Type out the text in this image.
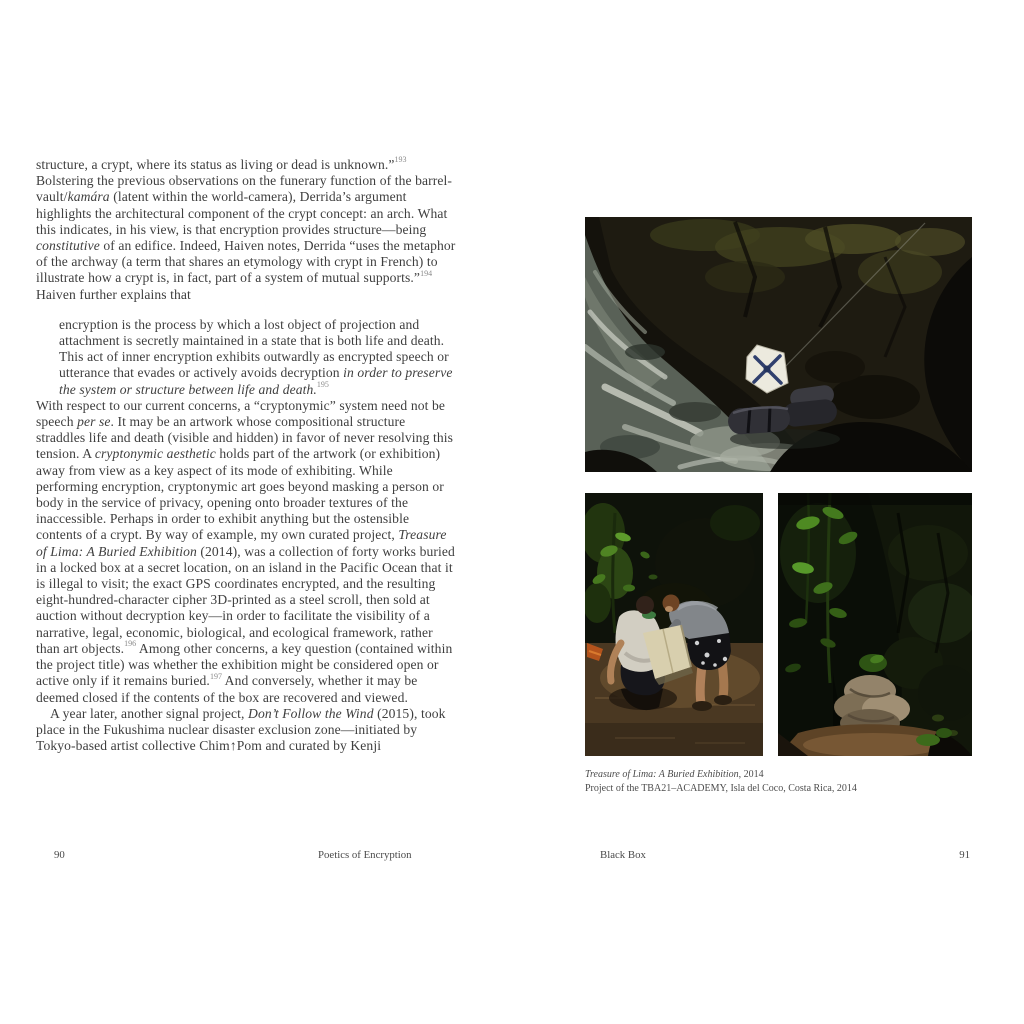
structure, a crypt, where its status as living or dead is unknown.”$^{193}$ Bolstering the previous observations on the funerary function of the barrel-vault/kamára (latent within the world-camera), Derrida’s argument highlights the architectural component of the crypt concept: an arch. What this indicates, in his view, is that encryption provides structure—being constitutive of an edifice. Indeed, Haiven notes, Derrida “uses the metaphor of the archway (a term that shares an etymology with crypt in French) to illustrate how a crypt is, in fact, part of a system of mutual supports.”$^{194}$ Haiven further explains that

encryption is the process by which a lost object of projection and attachment is secretly maintained in a state that is both life and death. This act of inner encryption exhibits outwardly as encrypted speech or utterance that evades or actively avoids decryption in order to preserve the system or structure between life and death.$^{195}$

With respect to our current concerns, a “cryptonymic” system need not be speech per se. It may be an artwork whose compositional structure straddles life and death (visible and hidden) in favor of never resolving this tension. A cryptonymic aesthetic holds part of the artwork (or exhibition) away from view as a key aspect of its mode of exhibiting. While performing encryption, cryptonymic art goes beyond masking a person or body in the service of privacy, opening onto broader textures of the inaccessible. Perhaps in order to exhibit anything but the ostensible contents of a crypt. By way of example, my own curated project, Treasure of Lima: A Buried Exhibition (2014), was a collection of forty works buried in a locked box at a secret location, on an island in the Pacific Ocean that it is illegal to visit; the exact GPS coordinates encrypted, and the resulting eight-hundred-character cipher 3D-printed as a steel scroll, then sold at auction without decryption key—in order to facilitate the visibility of a narrative, legal, economic, biological, and ecological framework, rather than art objects.$^{196}$ Among other concerns, a key question (contained within the project title) was whether the exhibition might be considered open or active only if it remains buried.$^{197}$ And conversely, whether it may be deemed closed if the contents of the box are recovered and viewed.

A year later, another signal project, Don’t Follow the Wind (2015), took place in the Fukushima nuclear disaster exclusion zone—initiated by Tokyo-based artist collective Chim↑Pom and curated by Kenji

90	Poetics of Encryption
Treasure of Lima: A Buried Exhibition, 2014
Project of the TBA21–ACADEMY, Isla del Coco, Costa Rica, 2014
Black Box	91
